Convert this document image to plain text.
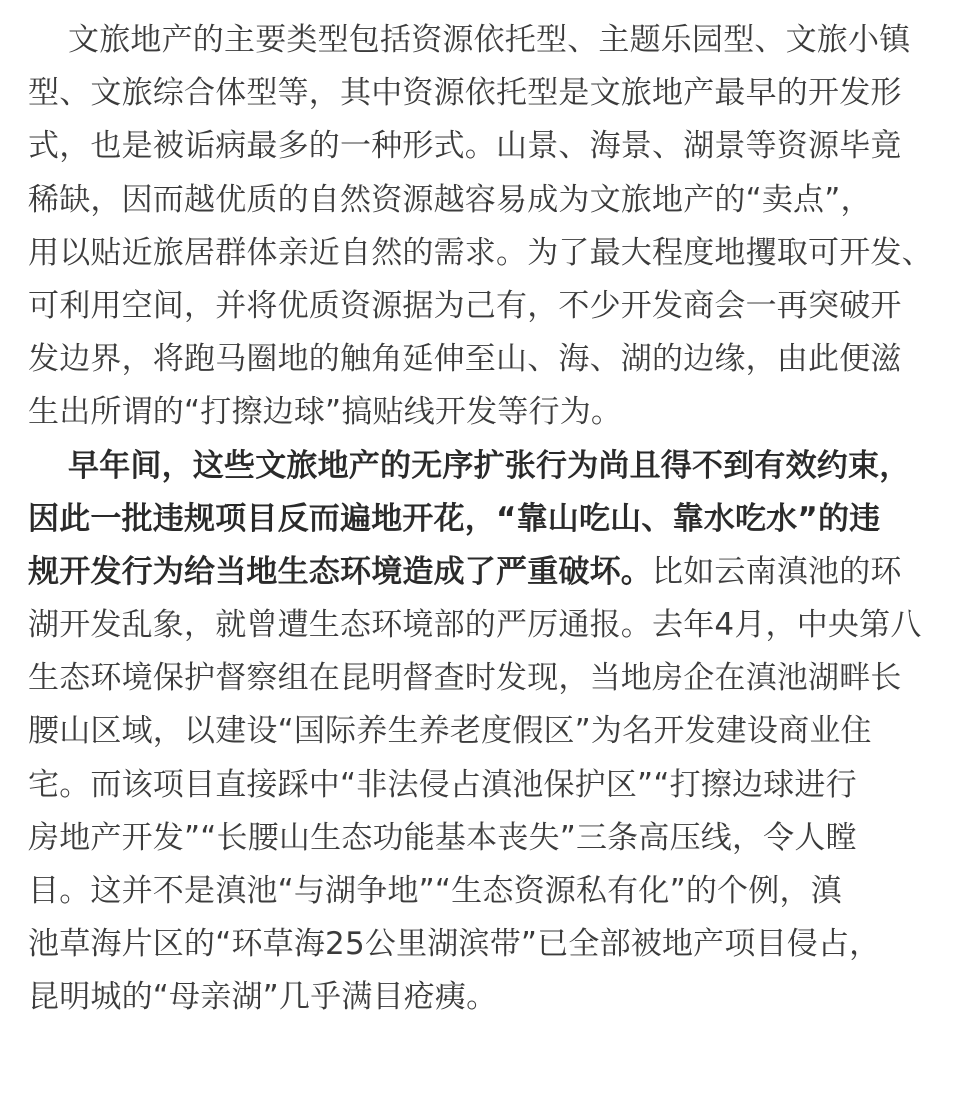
文旅地产的主要类型包括资源依托型、主题乐园型、文旅小镇
型、文旅综合体型等，其中资源依托型是文旅地产最早的开发形
式，也是被诟病最多的一种形式。山景、海景、湖景等资源毕竟
稀缺，因而越优质的自然资源越容易成为文旅地产的“卖点”，
用以贴近旅居群体亲近自然的需求。为了最大程度地攫取可开发、
可利用空间，并将优质资源据为己有，不少开发商会一再突破开
发边界，将跑马圈地的触角延伸至山、海、湖的边缘，由此便滋
生出所谓的“打擦边球”搞贴线开发等行为。
早年间，这些文旅地产的无序扩张行为尚且得不到有效约束，
因此一批违规项目反而遍地开花，“靠山吃山、靠水吃水”的违
规开发行为给当地生态环境造成了严重破坏。比如云南滇池的环
湖开发乱象，就曾遭生态环境部的严厉通报。去年4月，中央第八
生态环境保护督察组在昆明督查时发现，当地房企在滇池湖畔长
腰山区域，以建设“国际养生养老度假区”为名开发建设商业住
宅。而该项目直接踩中“非法侵占滇池保护区”“打擦边球进行
房地产开发”“长腰山生态功能基本丧失”三条高压线，令人瞠
目。这并不是滇池“与湖争地”“生态资源私有化”的个例，滇
池草海片区的“环草海25公里湖滨带”已全部被地产项目侵占，
昆明城的“母亲湖”几乎满目疮痍。
